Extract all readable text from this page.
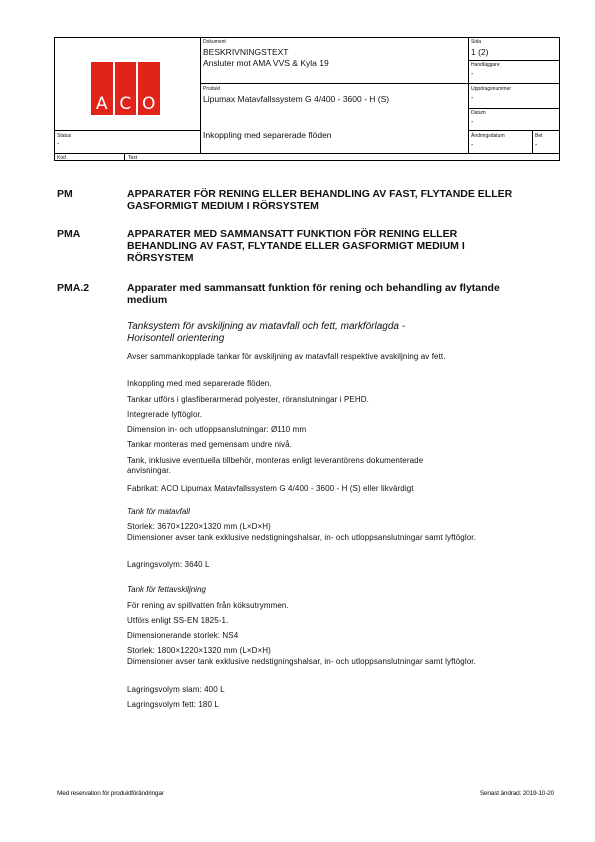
A C O
Dokument
BESKRIVNINGSTEXT
Ansluter mot AMA VVS & Kyla 19
Sida
1 (2)
Handläggare
-
Produkt
Lipumax Matavfallssystem G 4/400 - 3600 - H (S)
Inkoppling med separerade flöden
Uppdragsnummer
-
Datum
-
Status
-
Ändringsdatum
-
Bet
-
Kod	Text
PM	APPARATER FÖR RENING ELLER BEHANDLING AV FAST, FLYTANDE ELLER GASFORMIGT MEDIUM I RÖRSYSTEM
PMA	APPARATER MED SAMMANSATT FUNKTION FÖR RENING ELLER BEHANDLING AV FAST, FLYTANDE ELLER GASFORMIGT MEDIUM I RÖRSYSTEM
PMA.2	Apparater med sammansatt funktion för rening och behandling av flytande medium
Tanksystem för avskiljning av matavfall och fett, markförlagda - Horisontell orientering
Avser sammankopplade tankar för avskiljning av matavfall respektive avskiljning av fett.
Inkoppling med med separerade flöden.
Tankar utförs i glasfiberarmerad polyester, röranslutningar i PEHD.
Integrerade lyftöglor.
Dimension in- och utloppsanslutningar: Ø110 mm
Tankar monteras med gemensam undre nivå.
Tank, inklusive eventuella tillbehör, monteras enligt leverantörens dokumenterade anvisningar.
Fabrikat: ACO Lipumax Matavfallssystem G 4/400 - 3600 - H (S) eller likvärdigt
Tank för matavfall
Storlek: 3670×1220×1320 mm (L×D×H)
Dimensioner avser tank exklusive nedstigningshalsar, in- och utloppsanslutningar samt lyftöglor.
Lagringsvolym: 3640 L
Tank för fettavskiljning
För rening av spillvatten från köksutrymmen.
Utförs enligt SS-EN 1825-1.
Dimensionerande storlek: NS4
Storlek: 1800×1220×1320 mm (L×D×H)
Dimensioner avser tank exklusive nedstigningshalsar, in- och utloppsanslutningar samt lyftöglor.
Lagringsvolym slam: 400 L
Lagringsvolym fett: 180 L
Med reservation för produktförändringar	Senast ändrad: 2019-10-20
